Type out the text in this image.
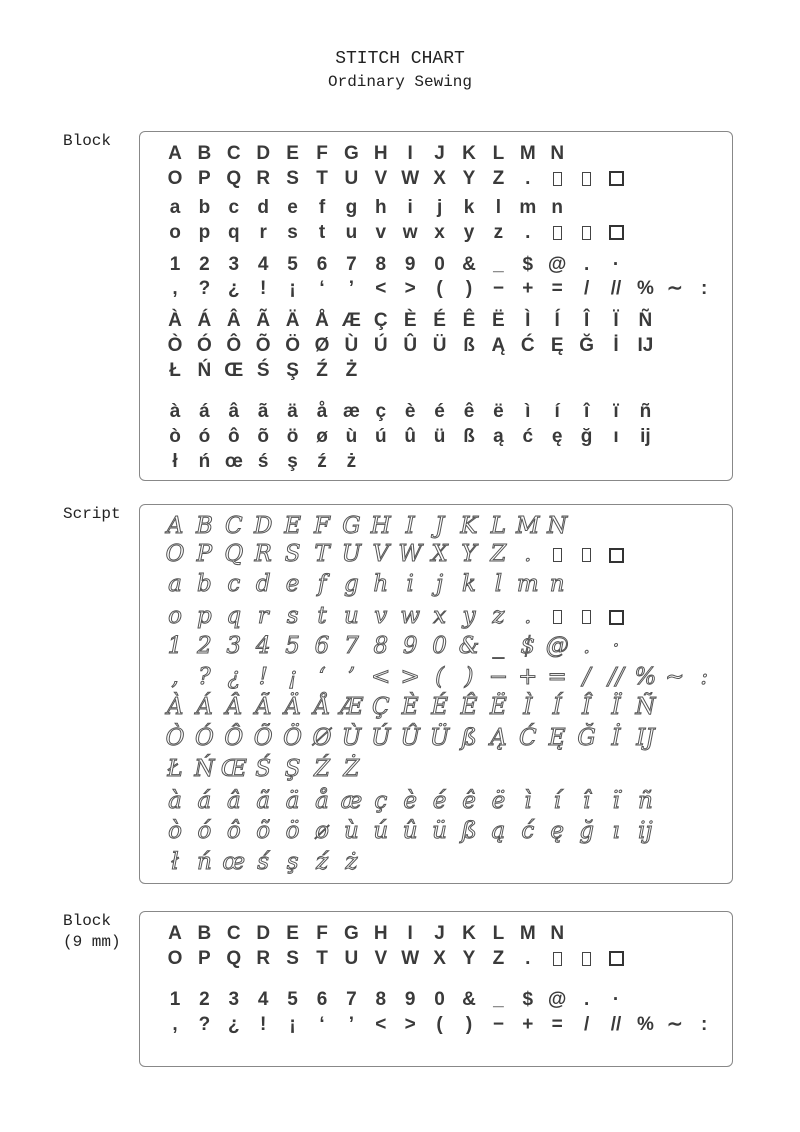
STITCH CHART
Ordinary Sewing
Block
A B C D E F G H	I	J K L M N
O P Q R S T U V W X Y Z	.
a b c d e	f	g h	i	j	k	l m n
o p q	r	s	t	u v w x y	z	.
1 2 3 4 5 6 7 8 9 0 & _ $ @ .	·
,	? ¿	!	¡	‘	’	< >	(	)	− + =	/	// % ∼ :
À Á Â Ã Ä Å Æ Ç È É Ê Ë	Ì	Í	Î	Ï	Ñ
Ò Ó Ô Õ Ö Ø Ù Ú Û Ü ß Ą Ć Ę Ğ	İ IJ
Ł Ń Œ Ś Ş Ź Ż
à á â ã ä å æ ç è é ê ë	ì	í	î	ï	ñ
ò ó ô õ ö ø ù ú û ü ß ą ć ę ğ	ı	ij
ł	ń œ ś ş	ź	ż
Script A B C D E F G H I J K L M N
O P Q R S T U V W X Y Z .
a b c d e f g h i j k l m n
o p q r s t u v w x y z .
1 2 3 4 5 6 7 8 9 0 & _ $ @ . ·
, ? ¿ ! ¡ ‘ ’ < > ( ) − + = / // % ∼ :
À Á Â Ã Ä Å Æ Ç È É Ê Ë Ì Í Î Ï Ñ
Ò Ó Ô Õ Ö Ø Ù Ú Û Ü ß Ą Ć Ę Ğ İ IJ
Ł Ń Œ Ś Ş Ź Ż
à á â ã ä å æ ç è é ê ë ì í î ï ñ
ò ó ô õ ö ø ù ú û ü ß ą ć ę ğ ı ij
ł ń œ ś ş ź ż
Block
(9 mm)	A B C D E F G H	I	J K L M N
O P Q R S T U V W X Y Z	.
1 2 3 4 5 6 7 8 9 0 & _ $ @ .	·
,	? ¿	!	¡	‘	’	< >	(	)	− + =	/	// % ∼ :
